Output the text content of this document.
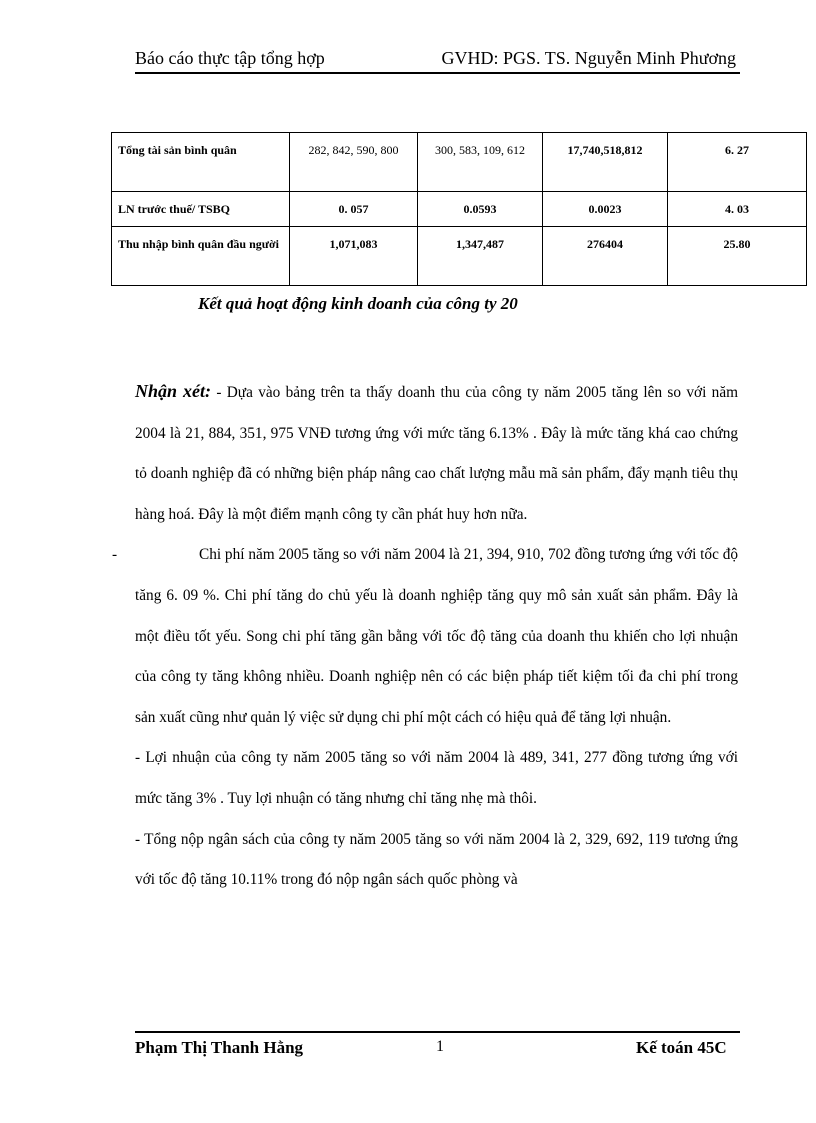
Báo cáo thực tập tổng hợp	GVHD: PGS. TS. Nguyễn Minh Phương
Tổng tài sản bình quân	282, 842, 590, 800	300, 583, 109, 612	17,740,518,812	6. 27
LN trước thuế/ TSBQ	0. 057	0.0593	0.0023	4. 03
Thu nhập bình quân đầu người	1,071,083	1,347,487	276404	25.80
Kết quả hoạt động kinh doanh của công ty 20

Nhận xét: - Dựa vào bảng trên ta thấy doanh thu của công ty năm 2005 tăng lên so với năm 2004 là 21, 884, 351, 975 VNĐ tương ứng với mức tăng 6.13% . Đây là mức tăng khá cao chứng tỏ doanh nghiệp đã có những biện pháp nâng cao chất lượng mẫu mã sản phẩm, đẩy mạnh tiêu thụ hàng hoá. Đây là một điểm mạnh công ty cần phát huy hơn nữa.

-	Chi phí năm 2005 tăng so với năm 2004 là 21, 394, 910, 702 đồng tương ứng với tốc độ tăng 6. 09 %. Chi phí tăng do chủ yếu là doanh nghiệp tăng quy mô sản xuất sản phẩm. Đây là một điều tốt yếu. Song chi phí tăng gần bằng với tốc độ tăng của doanh thu khiến cho lợi nhuận của công ty tăng không nhiều. Doanh nghiệp nên có các biện pháp tiết kiệm tối đa chi phí trong sản xuất cũng như quản lý việc sử dụng chi phí một cách có hiệu quả để tăng lợi nhuận.

- Lợi nhuận của công ty năm 2005 tăng so với năm 2004 là 489, 341, 277 đồng tương ứng với mức tăng 3% . Tuy lợi nhuận có tăng nhưng chỉ tăng nhẹ mà thôi.

- Tổng nộp ngân sách của công ty năm 2005 tăng so với năm 2004 là 2, 329, 692, 119 tương ứng với tốc độ tăng 10.11% trong đó nộp ngân sách quốc phòng và

Phạm Thị Thanh Hằng	1	Kế toán 45C
